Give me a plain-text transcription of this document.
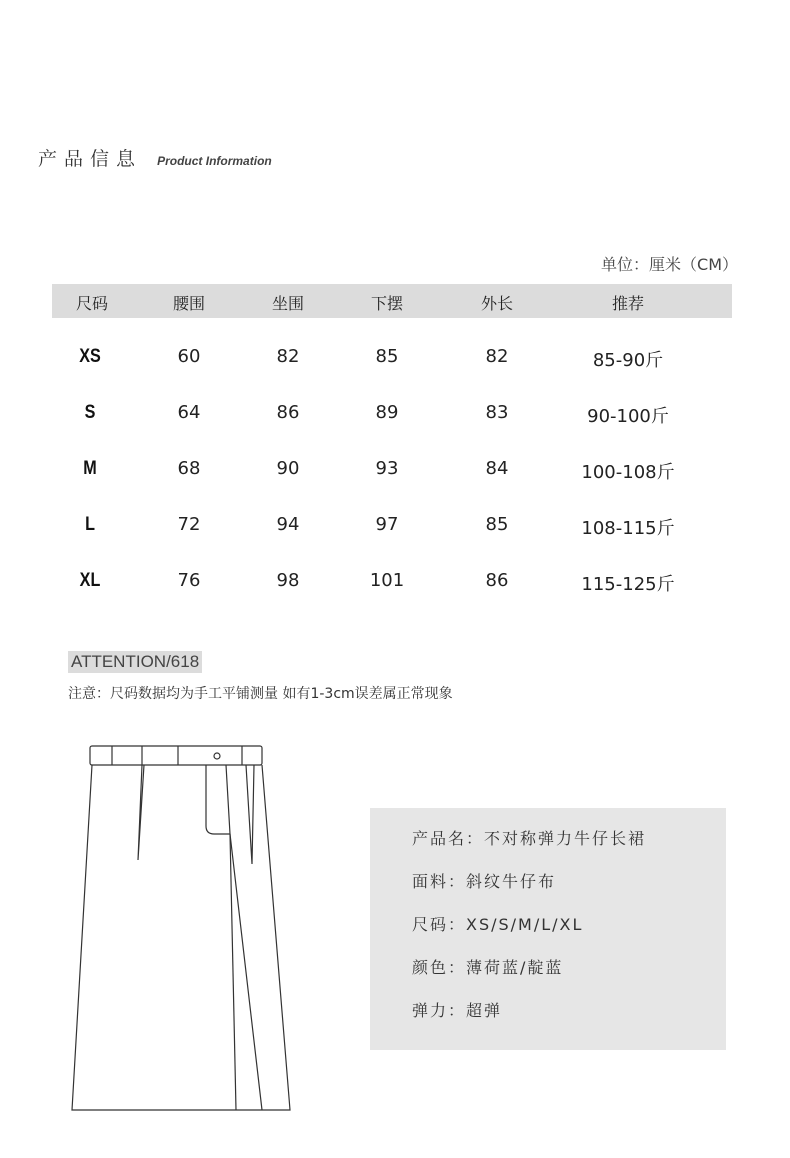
产品信息 Product Information
单位：厘米（CM）
尺码	腰围	坐围	下摆	外长	推荐
XS	60	82	85	82	85-90斤
S	64	86	89	83	90-100斤
M	68	90	93	84	100-108斤
L	72	94	97	85	108-115斤
XL	76	98	101	86	115-125斤
ATTENTION/618
注意：尺码数据均为手工平铺测量 如有1-3cm误差属正常现象
产品名：不对称弹力牛仔长裙
面料：斜纹牛仔布
尺码：XS/S/M/L/XL
颜色：薄荷蓝/靛蓝
弹力：超弹
